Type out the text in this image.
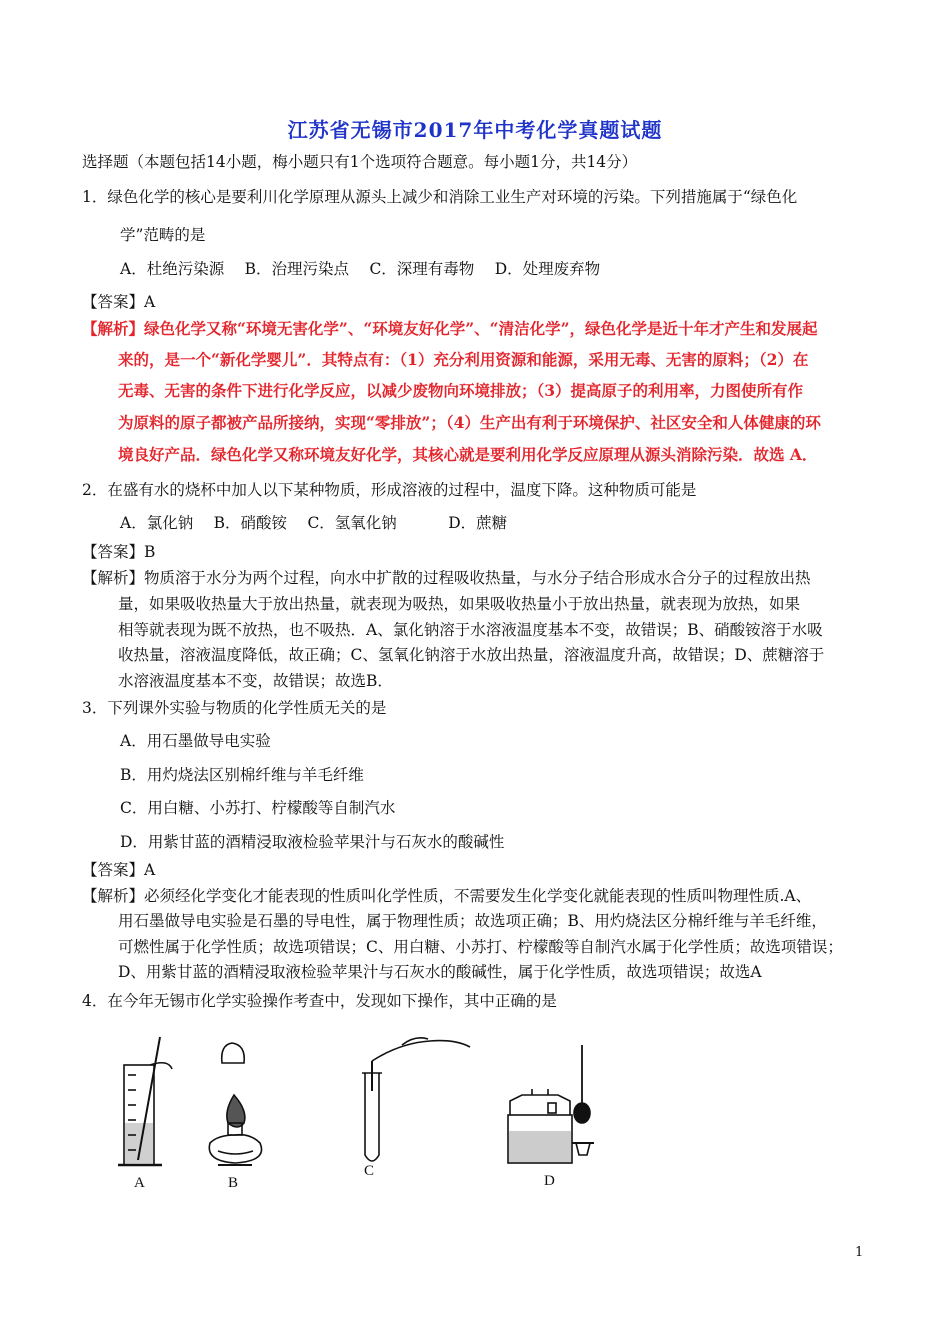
江苏省无锡市2017年中考化学真题试题
选择题（本题包括14小题，梅小题只有1个选项符合题意。每小题1分，共14分）
1．绿色化学的核心是要利川化学原理从源头上减少和消除工业生产对环境的污染。下列措施属于“绿色化
学”范畴的是
A．杜绝污染源　 B．治理污染点　 C．深理有毒物　 D．处理废弃物
【答案】A
【解析】绿色化学又称“环境无害化学”、“环境友好化学”、“清洁化学”，绿色化学是近十年才产生和发展起
来的，是一个“新化学婴儿”．其特点有：（1）充分利用资源和能源，采用无毒、无害的原料；（2）在
无毒、无害的条件下进行化学反应，以减少废物向环境排放；（3）提高原子的利用率，力图使所有作
为原料的原子都被产品所接纳，实现“零排放”；（4）生产出有利于环境保护、社区安全和人体健康的环
境良好产品．绿色化学又称环境友好化学，其核心就是要利用化学反应原理从源头消除污染．故选 A．
2．在盛有水的烧杯中加人以下某种物质，形成溶液的过程中，温度下降。这种物质可能是
A．氯化钠　 B．硝酸铵　 C．氢氧化钠　　　 D．蔗糖
【答案】B
【解析】物质溶于水分为两个过程，向水中扩散的过程吸收热量，与水分子结合形成水合分子的过程放出热
量，如果吸收热量大于放出热量，就表现为吸热，如果吸收热量小于放出热量，就表现为放热，如果
相等就表现为既不放热，也不吸热．A、氯化钠溶于水溶液温度基本不变，故错误；B、硝酸铵溶于水吸
收热量，溶液温度降低，故正确；C、氢氧化钠溶于水放出热量，溶液温度升高，故错误；D、蔗糖溶于
水溶液温度基本不变，故错误；故选B．
3．下列课外实验与物质的化学性质无关的是
A．用石墨做导电实验
B．用灼烧法区别棉纤维与羊毛纤维
C．用白糖、小苏打、柠檬酸等自制汽水
D．用紫甘蓝的酒精浸取液检验苹果汁与石灰水的酸碱性
【答案】A
【解析】必须经化学变化才能表现的性质叫化学性质，不需要发生化学变化就能表现的性质叫物理性质.A、
用石墨做导电实验是石墨的导电性，属于物理性质；故选项正确；B、用灼烧法区分棉纤维与羊毛纤维，
可燃性属于化学性质；故选项错误；C、用白糖、小苏打、柠檬酸等自制汽水属于化学性质；故选项错误；
D、用紫甘蓝的酒精浸取液检验苹果汁与石灰水的酸碱性，属于化学性质，故选项错误；故选A
4．在今年无锡市化学实验操作考查中，发现如下操作，其中正确的是
A	B
C
D
1
